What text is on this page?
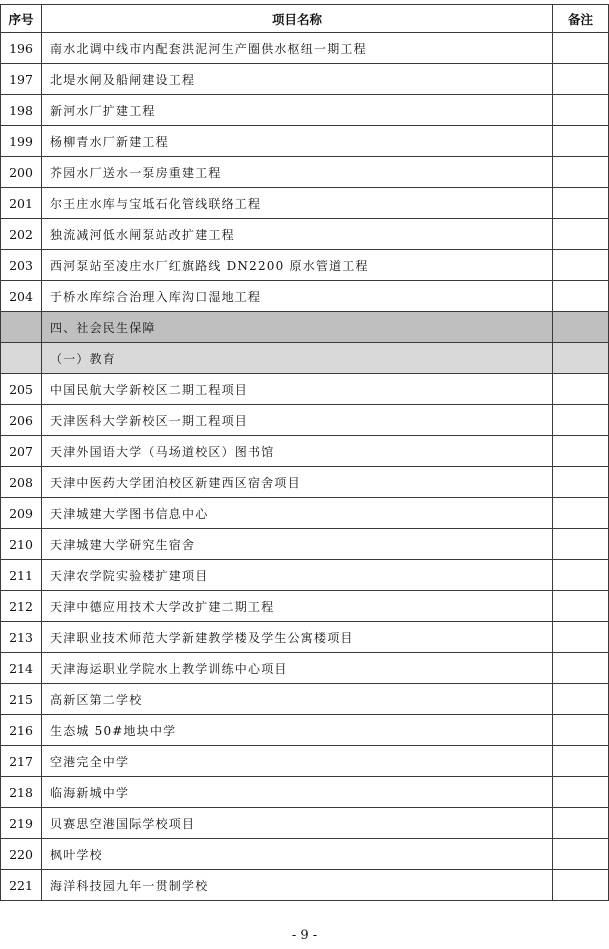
序号	项目名称	备注
196	南水北调中线市内配套洪泥河生产圈供水枢纽一期工程	
197	北堤水闸及船闸建设工程	
198	新河水厂扩建工程	
199	杨柳青水厂新建工程	
200	芥园水厂送水一泵房重建工程	
201	尔王庄水库与宝坻石化管线联络工程	
202	独流减河低水闸泵站改扩建工程	
203	西河泵站至凌庄水厂红旗路线 DN2200 原水管道工程	
204	于桥水库综合治理入库沟口湿地工程	
	四、社会民生保障	
	（一）教育	
205	中国民航大学新校区二期工程项目	
206	天津医科大学新校区一期工程项目	
207	天津外国语大学（马场道校区）图书馆	
208	天津中医药大学团泊校区新建西区宿舍项目	
209	天津城建大学图书信息中心	
210	天津城建大学研究生宿舍	
211	天津农学院实验楼扩建项目	
212	天津中德应用技术大学改扩建二期工程	
213	天津职业技术师范大学新建教学楼及学生公寓楼项目	
214	天津海运职业学院水上教学训练中心项目	
215	高新区第二学校	
216	生态城 50#地块中学	
217	空港完全中学	
218	临海新城中学	
219	贝赛思空港国际学校项目	
220	枫叶学校	
221	海洋科技园九年一贯制学校	
- 9 -
